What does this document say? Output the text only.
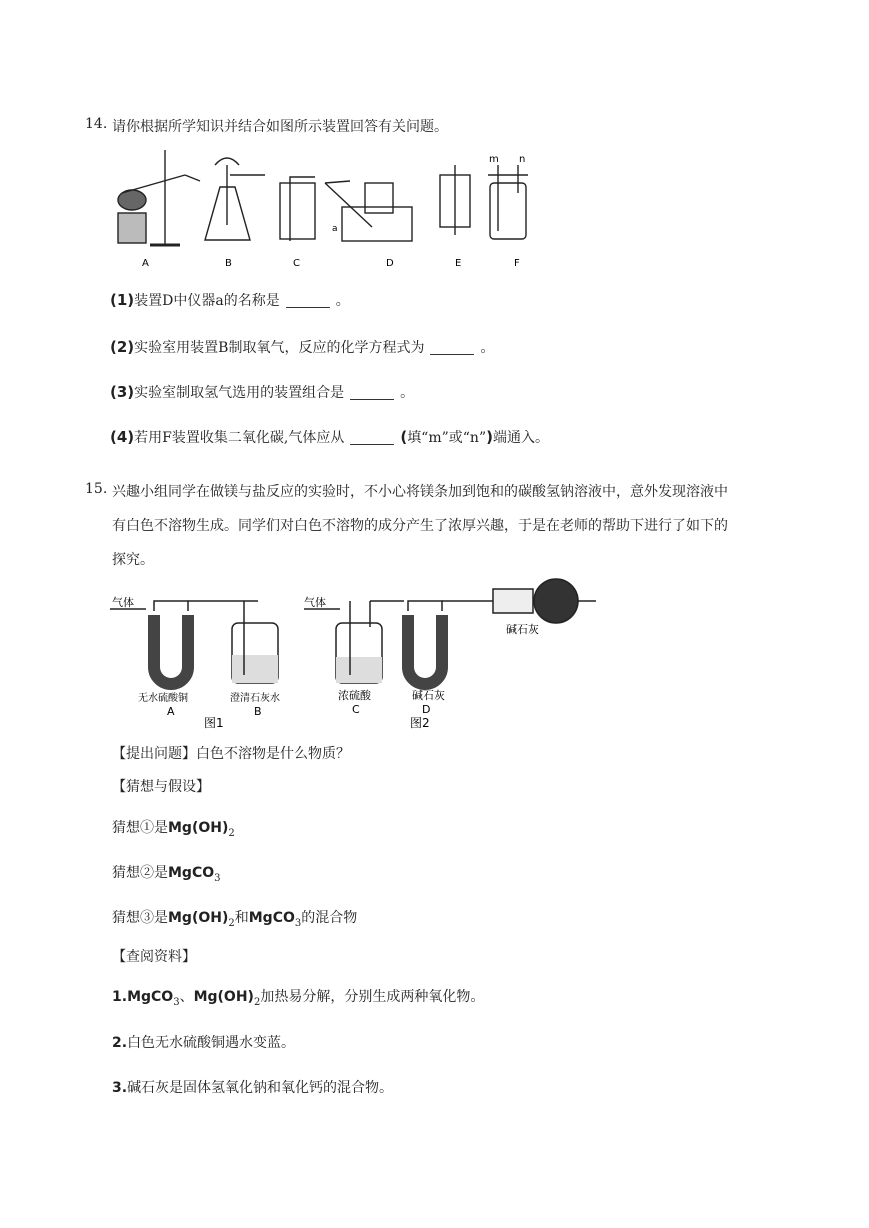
14. 请你根据所学知识并结合如图所示装置回答有关问题。
a
m n
A	B	C	D	E	F
(1)装置D中仪器a的名称是	。
(2)实验室用装置B制取氧气，反应的化学方程式为	。
(3)实验室制取氢气选用的装置组合是	。
(4)若用F装置收集二氧化碳,气体应从	(填“m”或“n”)端通入。
15. 兴趣小组同学在做镁与盐反应的实验时，不小心将镁条加到饱和的碳酸氢钠溶液中，意外发现溶液中
有白色不溶物生成。同学们对白色不溶物的成分产生了浓厚兴趣，于是在老师的帮助下进行了如下的
探究。
气体	气体
无水硫酸铜
A
澄清石灰水
B
浓硫酸
C
碱石灰
D
碱石灰
图1	图2
【提出问题】白色不溶物是什么物质？
【猜想与假设】
猜想①是$Mg(OH)_2$
猜想②是MgCO$_3$
猜想③是$Mg(OH)_2$和MgCO$_3$的混合物
【查阅资料】
1.MgCO$_3$、$Mg(OH)_2$加热易分解，分别生成两种氧化物。
2.白色无水硫酸铜遇水变蓝。
3.碱石灰是固体氢氧化钠和氧化钙的混合物。
